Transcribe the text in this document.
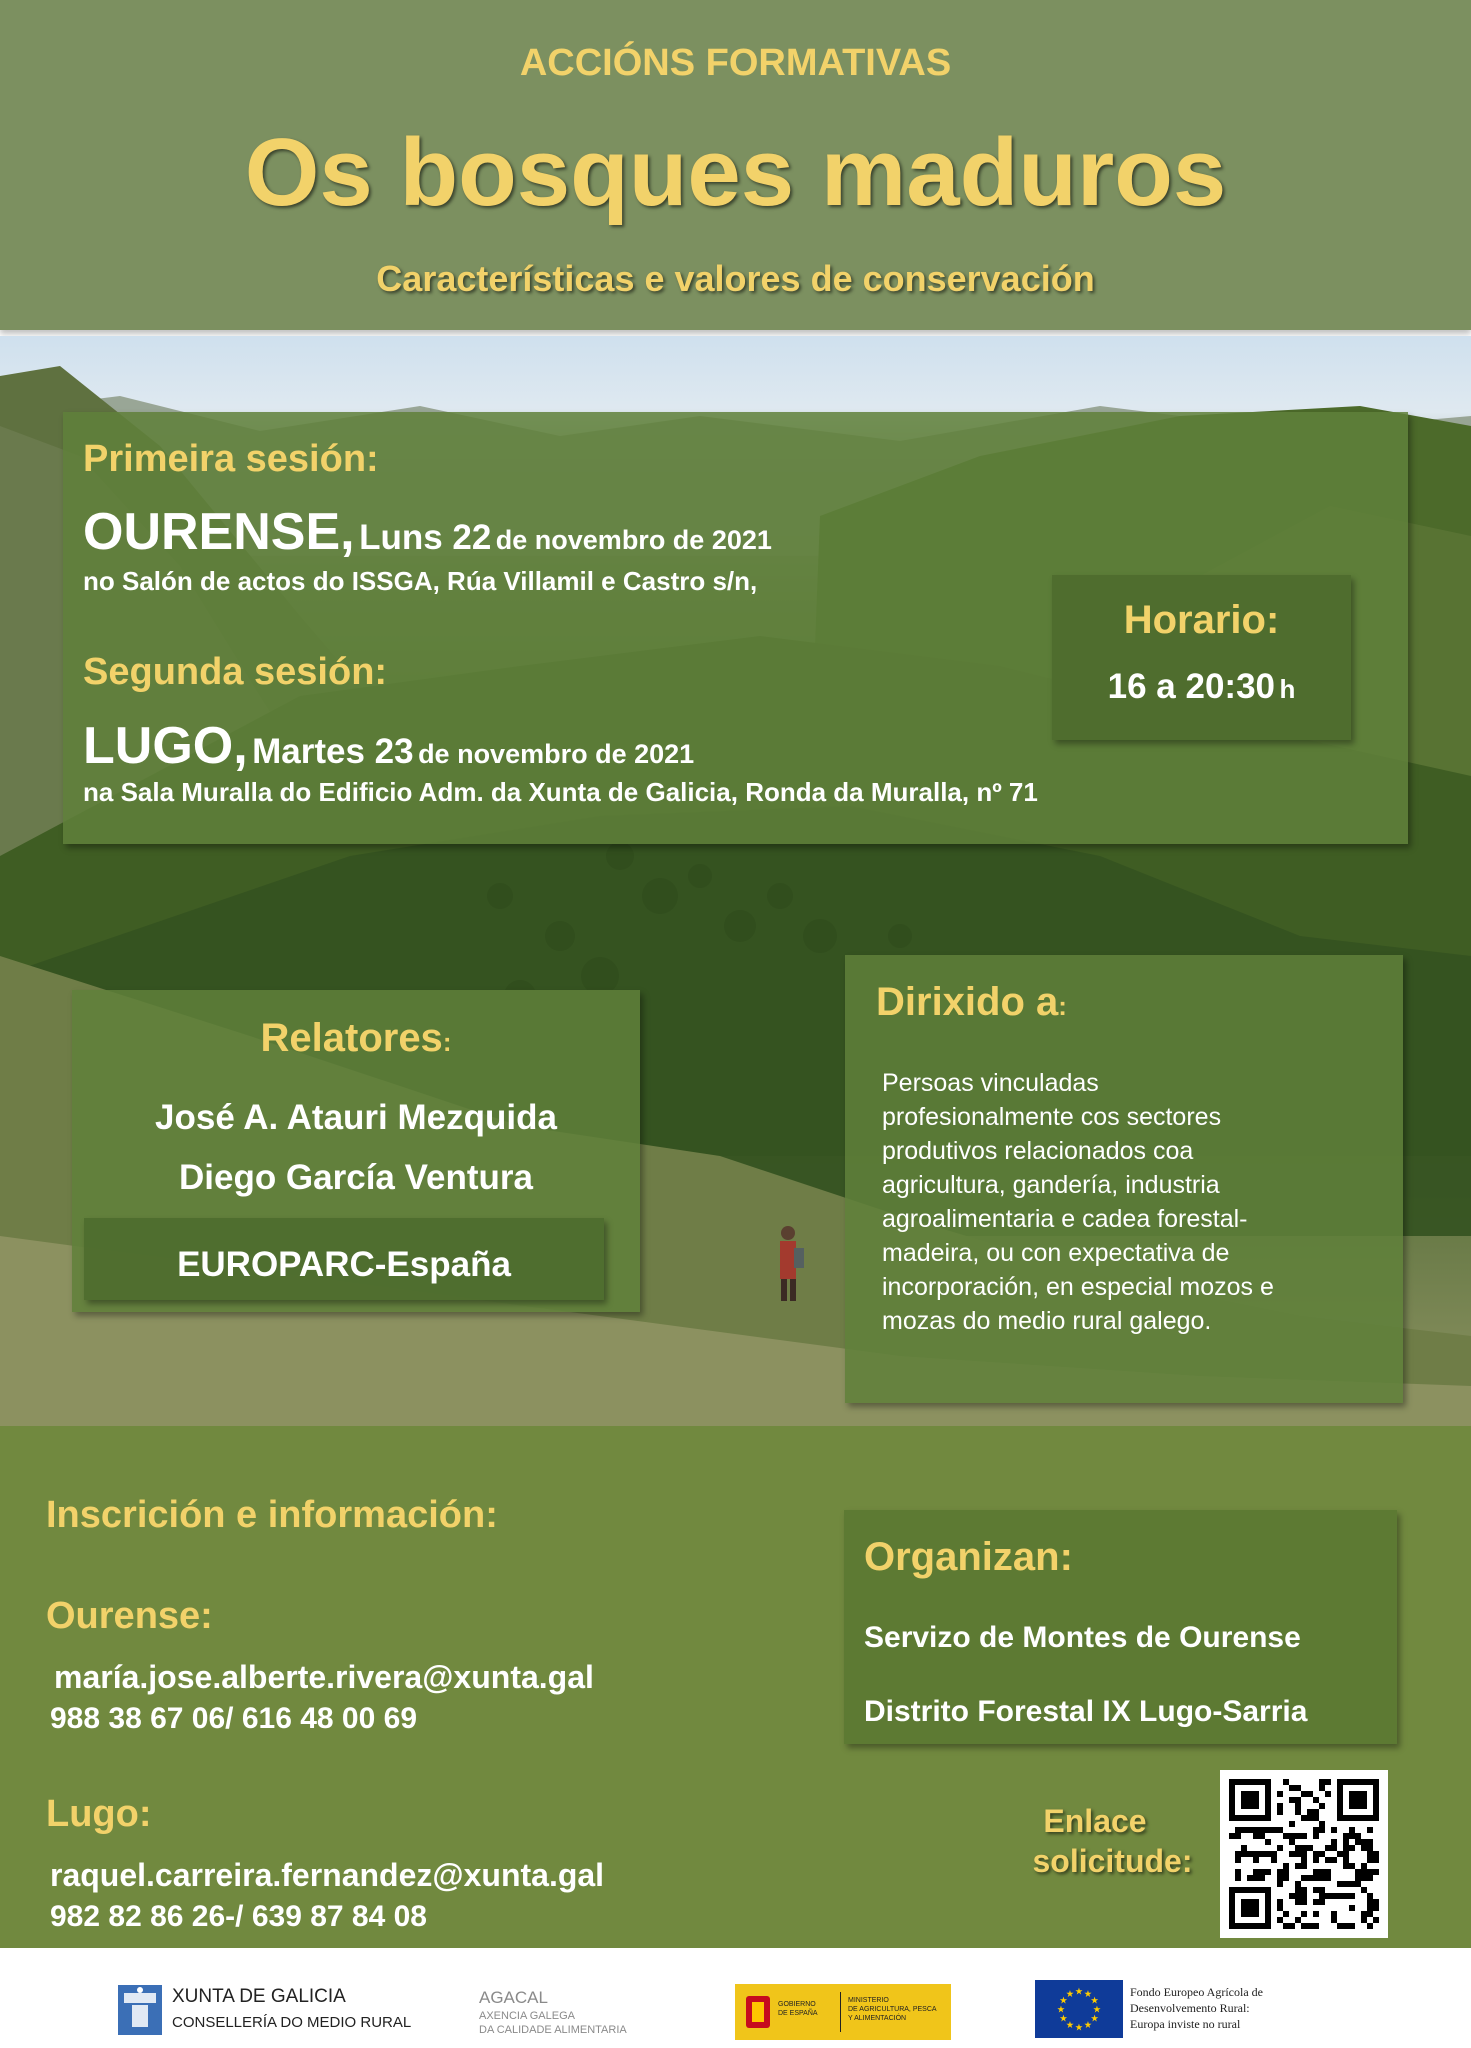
ACCIÓNS FORMATIVAS
Os bosques maduros
Características e valores de conservación
Primeira sesión:
OURENSE, Luns 22 de novembro de 2021
no Salón de actos do ISSGA, Rúa Villamil e Castro s/n,
Segunda sesión:
LUGO, Martes 23 de novembro de 2021
na Sala Muralla do Edificio Adm. da Xunta de Galicia, Ronda da Muralla, nº 71
Horario:
16 a 20:30 h
Relatores:
José A. Atauri Mezquida
Diego García Ventura
EUROPARC-España
Dirixido a:
Persoas vinculadas
profesionalmente cos sectores
produtivos relacionados coa
agricultura, gandería, industria
agroalimentaria e cadea forestal-
madeira, ou con expectativa de
incorporación, en especial mozos e
mozas do medio rural galego.
Inscrición e información:
Ourense:
maría.jose.alberte.rivera@xunta.gal
988 38 67 06/ 616 48 00 69
Lugo:
raquel.carreira.fernandez@xunta.gal
982 82 86 26-/ 639 87 84 08
Organizan:
Servizo de Montes de Ourense
Distrito Forestal IX Lugo-Sarria
Enlace
solicitude:
XUNTA DE GALICIA
CONSELLERÍA DO MEDIO RURAL
AGACAL
AXENCIA GALEGA
DA CALIDADE ALIMENTARIA
GOBIERNO
DE ESPAÑA
MINISTERIO
DE AGRICULTURA, PESCA
Y ALIMENTACIÓN
★
★
★
★
★
★
★
★
★ ★ ★
★
Fondo Europeo Agrícola de
Desenvolvemento Rural:
Europa inviste no rural
